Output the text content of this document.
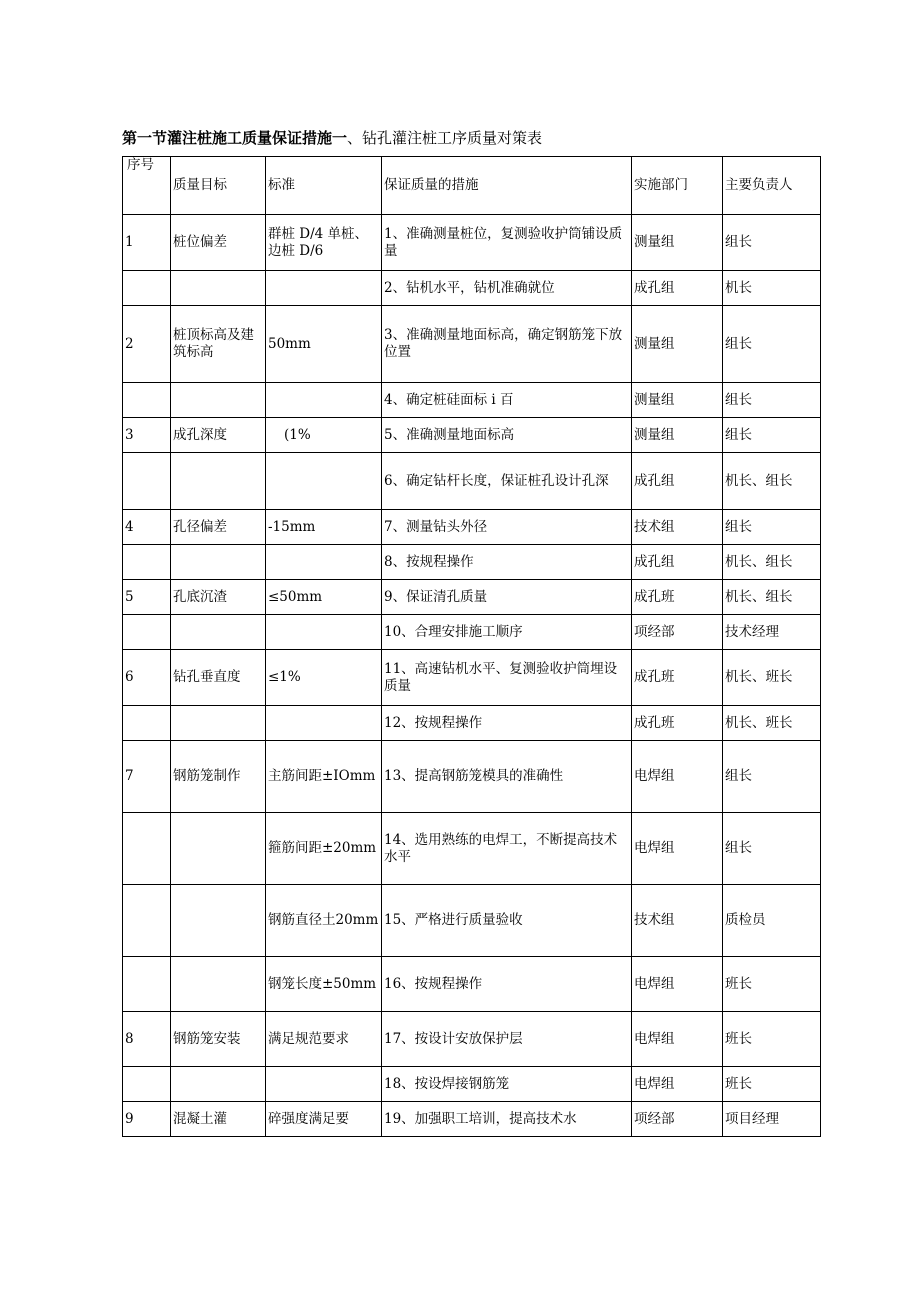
第一节灌注桩施工质量保证措施一、钻孔灌注桩工序质量对策表
序号	质量目标	标准	保证质量的措施	实施部门	主要负责人
1	桩位偏差	群桩 D/4 单桩、边桩 D/6	1、准确测量桩位，复测验收护筒铺设质量	测量组	组长
			2、钻机水平，钻机准确就位	成孔组	机长
2	桩顶标高及建筑标高	50mm	3、准确测量地面标高，确定钢筋笼下放位置	测量组	组长
			4、确定桩硅面标 i 百	测量组	组长
3	成孔深度	(1%	5、准确测量地面标高	测量组	组长
			6、确定钻杆长度，保证桩孔设计孔深	成孔组	机长、组长
4	孔径偏差	-15mm	7、测量钻头外径	技术组	组长
			8、按规程操作	成孔组	机长、组长
5	孔底沉渣	≤50mm	9、保证清孔质量	成孔班	机长、组长
			10、合理安排施工顺序	项经部	技术经理
6	钻孔垂直度	≤1%	11、高速钻机水平、复测验收护筒埋设质量	成孔班	机长、班长
			12、按规程操作	成孔班	机长、班长
7	钢筋笼制作	主筋间距±IOmm	13、提高钢筋笼模具的准确性	电焊组	组长
		箍筋间距±20mm	14、选用熟练的电焊工，不断提高技术水平	电焊组	组长
		钢筋直径土20mm	15、严格进行质量验收	技术组	质检员
		钢笼长度±50mm	16、按规程操作	电焊组	班长
8	钢筋笼安装	满足规范要求	17、按设计安放保护层	电焊组	班长
			18、按设焊接钢筋笼	电焊组	班长
9	混凝土灌	碎强度满足要	19、加强职工培训，提高技术水	项经部	项目经理
